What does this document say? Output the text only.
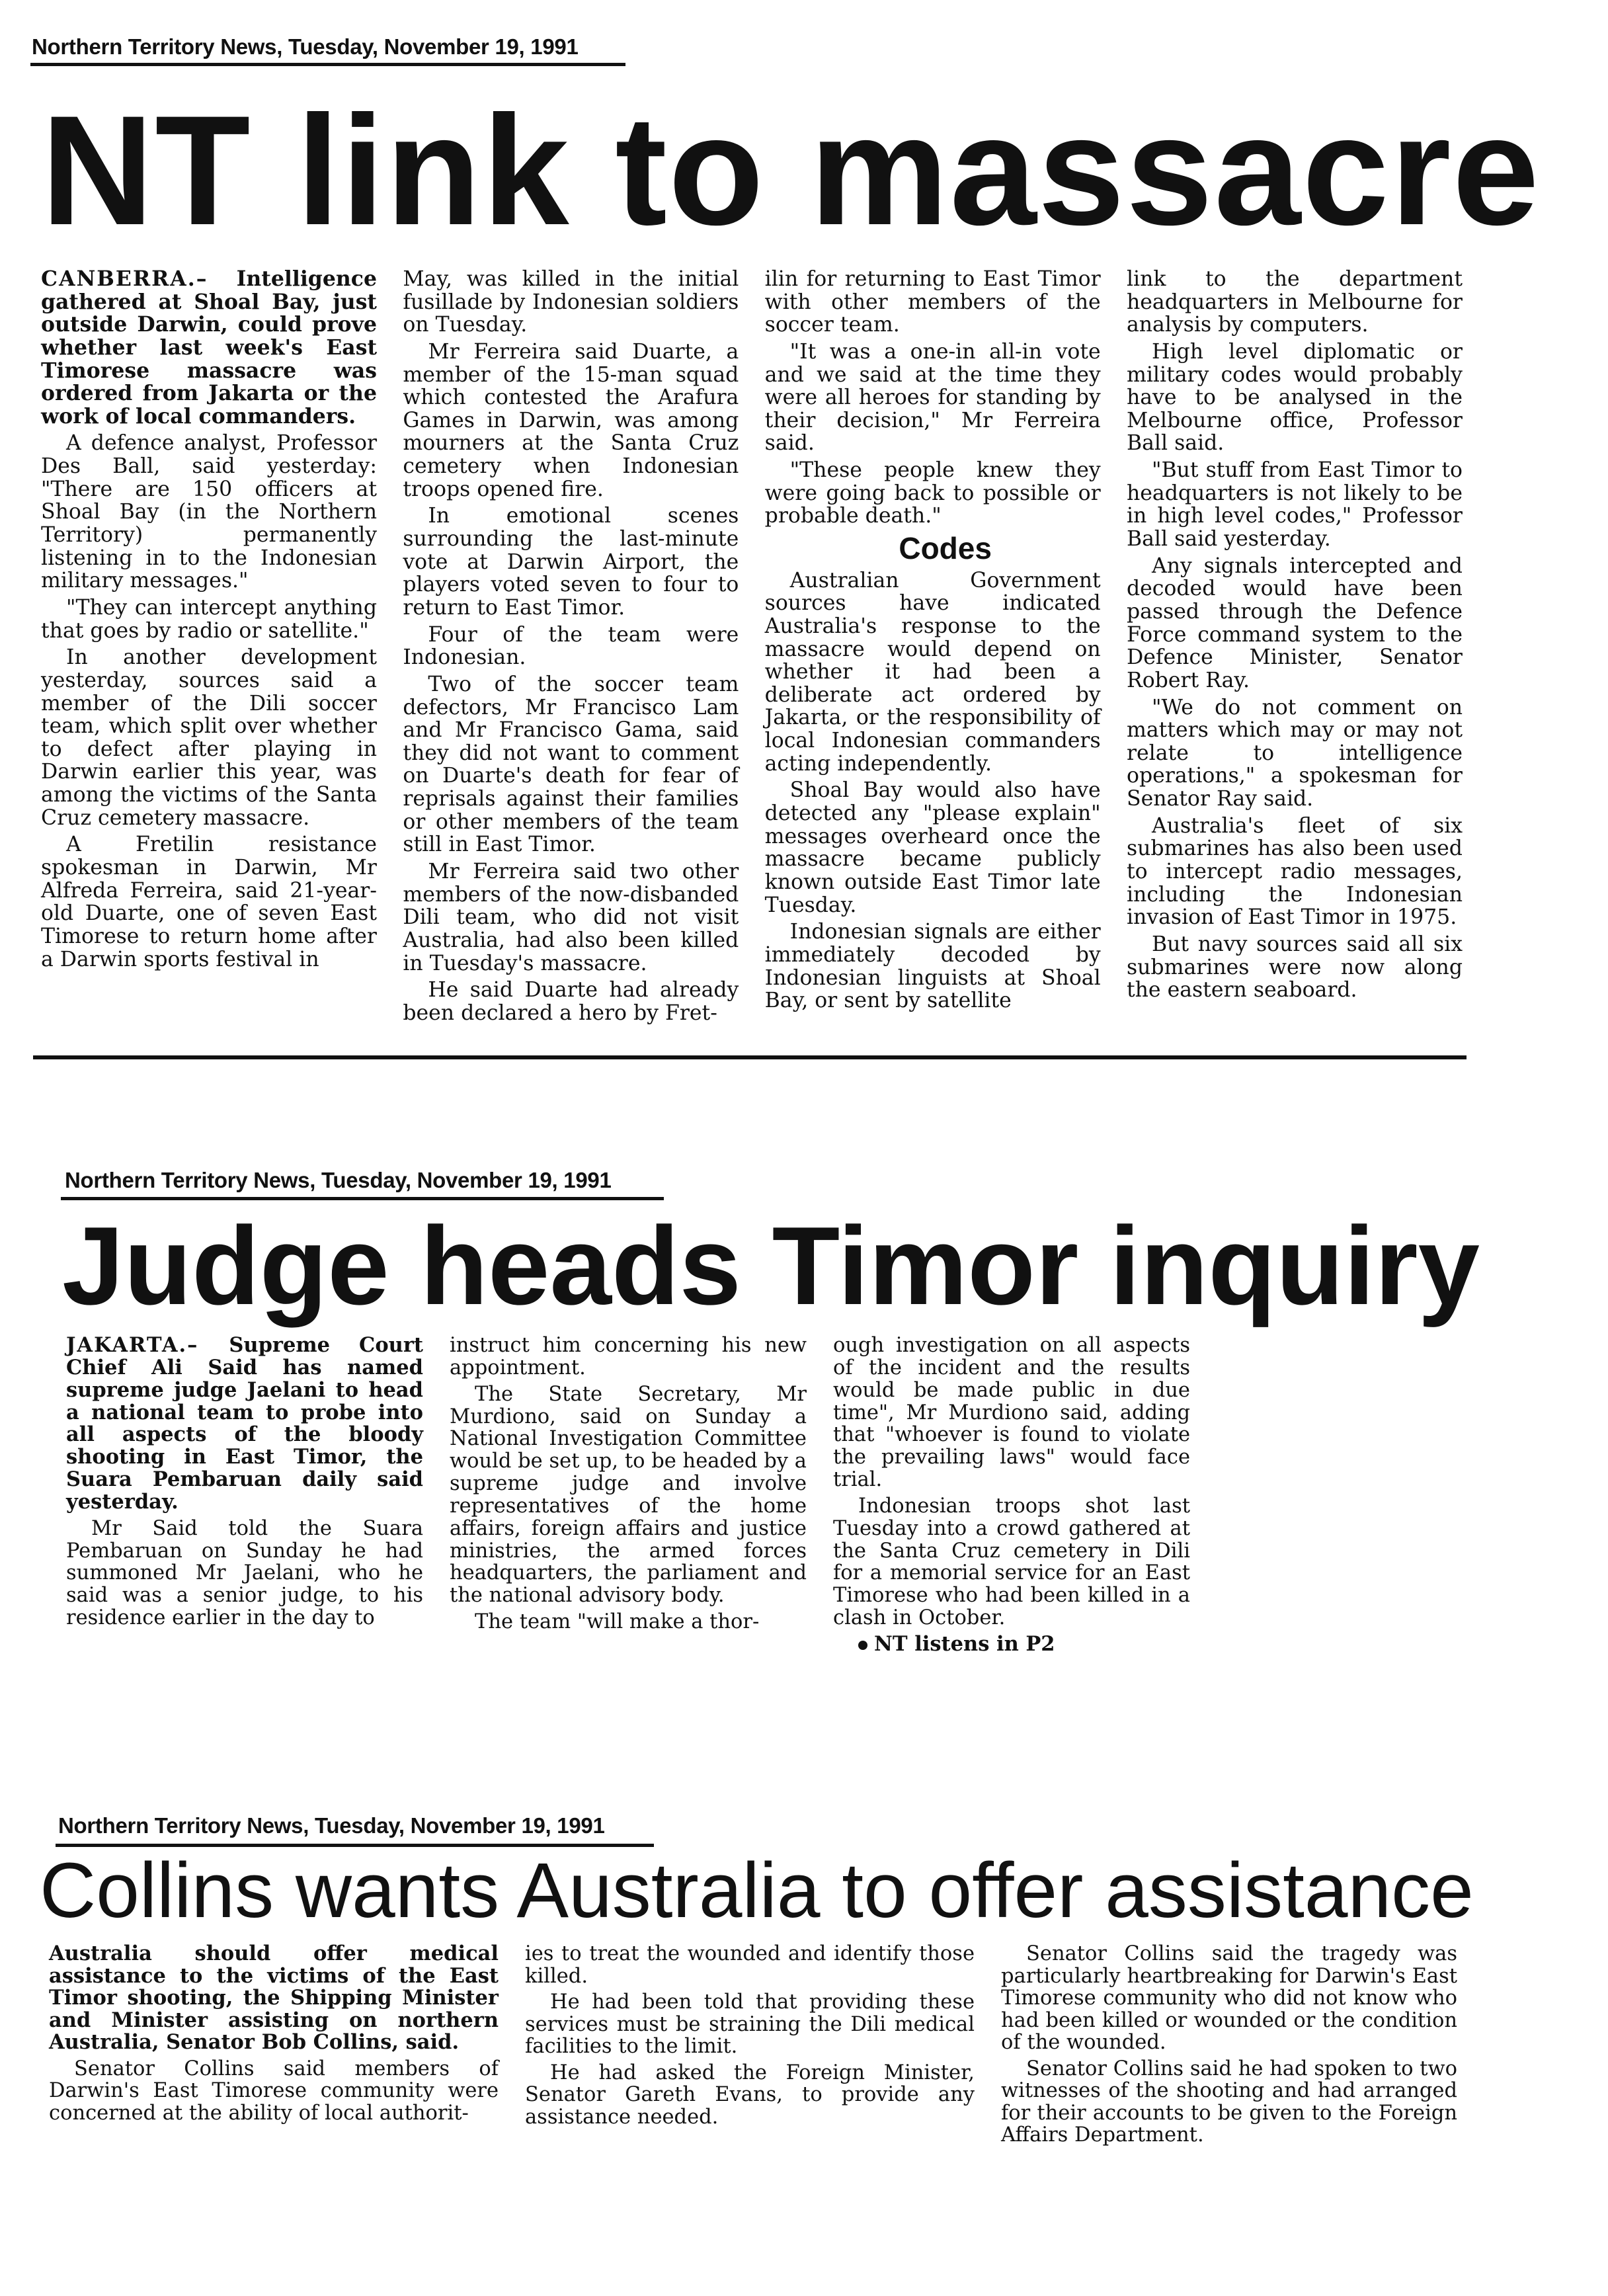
Northern Territory News, Tuesday, November 19, 1991
NT link to massacre

CANBERRA.– Intelligence gathered at Shoal Bay, just outside Darwin, could prove whether last week's East Timorese massacre was ordered from Jakarta or the work of local commanders.

A defence analyst, Professor Des Ball, said yesterday: "There are 150 officers at Shoal Bay (in the Northern Territory) permanently listening in to the Indonesian military messages."

"They can intercept anything that goes by radio or satellite."

In another development yesterday, sources said a member of the Dili soccer team, which split over whether to defect after playing in Darwin earlier this year, was among the victims of the Santa Cruz cemetery massacre.

A Fretilin resistance spokesman in Darwin, Mr Alfreda Ferreira, said 21-year-old Duarte, one of seven East Timorese to return home after a Darwin sports festival in

May, was killed in the initial fusillade by Indonesian soldiers on Tuesday.

Mr Ferreira said Duarte, a member of the 15-man squad which contested the Arafura Games in Darwin, was among mourners at the Santa Cruz cemetery when Indonesian troops opened fire.

In emotional scenes surrounding the last-minute vote at Darwin Airport, the players voted seven to four to return to East Timor.

Four of the team were Indonesian.

Two of the soccer team defectors, Mr Francisco Lam and Mr Francisco Gama, said they did not want to comment on Duarte's death for fear of reprisals against their families or other members of the team still in East Timor.

Mr Ferreira said two other members of the now-disbanded Dili team, who did not visit Australia, had also been killed in Tuesday's massacre.

He said Duarte had already been declared a hero by Fret-

ilin for returning to East Timor with other members of the soccer team.

"It was a one-in all-in vote and we said at the time they were all heroes for standing by their decision," Mr Ferreira said.

"These people knew they were going back to possible or probable death."

Codes

Australian Government sources have indicated Australia's response to the massacre would depend on whether it had been a deliberate act ordered by Jakarta, or the responsibility of local Indonesian commanders acting independently.

Shoal Bay would also have detected any "please explain" messages overheard once the massacre became publicly known outside East Timor late Tuesday.

Indonesian signals are either immediately decoded by Indonesian linguists at Shoal Bay, or sent by satellite

link to the department headquarters in Melbourne for analysis by computers.

High level diplomatic or military codes would probably have to be analysed in the Melbourne office, Professor Ball said.

"But stuff from East Timor to headquarters is not likely to be in high level codes," Professor Ball said yesterday.

Any signals intercepted and decoded would have been passed through the Defence Force command system to the Defence Minister, Senator Robert Ray.

"We do not comment on matters which may or may not relate to intelligence operations," a spokesman for Senator Ray said.

Australia's fleet of six submarines has also been used to intercept radio messages, including the Indonesian invasion of East Timor in 1975.

But navy sources said all six submarines were now along the eastern seaboard.

Northern Territory News, Tuesday, November 19, 1991
Judge heads Timor inquiry

JAKARTA.– Supreme Court Chief Ali Said has named supreme judge Jaelani to head a national team to probe into all aspects of the bloody shooting in East Timor, the Suara Pembaruan daily said yesterday.

Mr Said told the Suara Pembaruan on Sunday he had summoned Mr Jaelani, who he said was a senior judge, to his residence earlier in the day to

instruct him concerning his new appointment.

The State Secretary, Mr Murdiono, said on Sunday a National Investigation Committee would be set up, to be headed by a supreme judge and involve representatives of the home affairs, foreign affairs and justice ministries, the armed forces headquarters, the parliament and the national advisory body.

The team "will make a thor-

ough investigation on all aspects of the incident and the results would be made public in due time", Mr Murdiono said, adding that "whoever is found to violate the prevailing laws" would face trial.

Indonesian troops shot last Tuesday into a crowd gathered at the Santa Cruz cemetery in Dili for a memorial service for an East Timorese who had been killed in a clash in October.

NT listens in P2

Northern Territory News, Tuesday, November 19, 1991
Collins wants Australia to offer assistance

Australia should offer medical assistance to the victims of the East Timor shooting, the Shipping Minister and Minister assisting on northern Australia, Senator Bob Collins, said.

Senator Collins said members of Darwin's East Timorese community were concerned at the ability of local authorit-

ies to treat the wounded and identify those killed.

He had been told that providing these services must be straining the Dili medical facilities to the limit.

He had asked the Foreign Minister, Senator Gareth Evans, to provide any assistance needed.

Senator Collins said the tragedy was particularly heartbreaking for Darwin's East Timorese community who did not know who had been killed or wounded or the condition of the wounded.

Senator Collins said he had spoken to two witnesses of the shooting and had arranged for their accounts to be given to the Foreign Affairs Department.
